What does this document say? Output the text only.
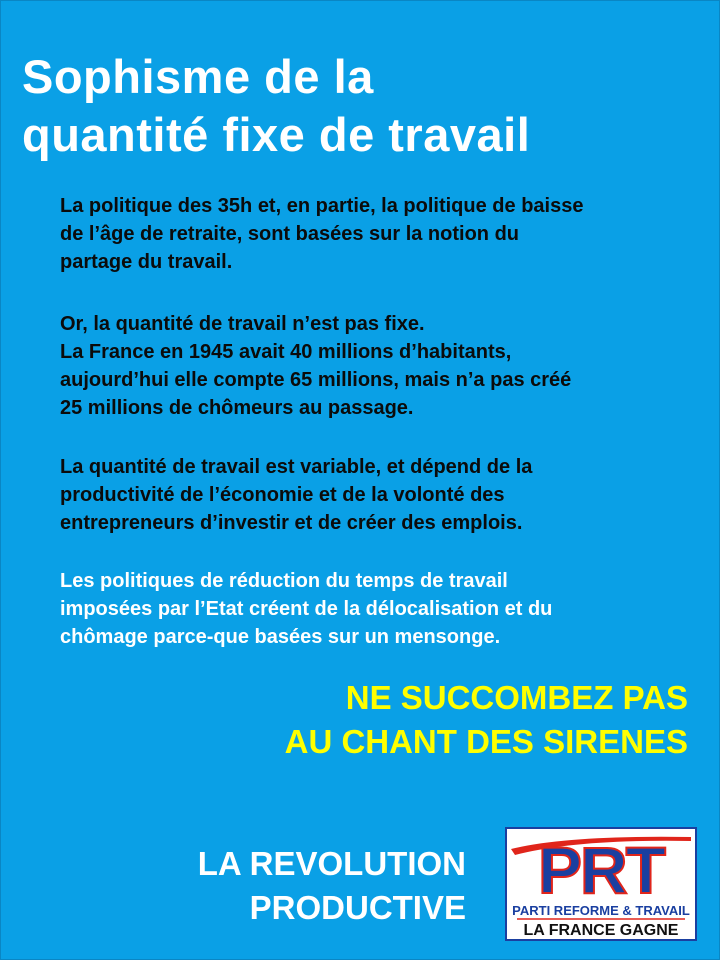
Sophisme de la
quantité fixe de travail
La politique des 35h et, en partie, la politique de baisse
de l’âge de retraite, sont basées sur la notion du
partage du travail.
Or, la quantité de travail n’est pas fixe.
La France en 1945 avait 40 millions d’habitants,
aujourd’hui elle compte 65 millions, mais n’a pas créé
25 millions de chômeurs au passage.
La quantité de travail est variable, et dépend de la
productivité de l’économie et de la volonté des
entrepreneurs d’investir et de créer des emplois.
Les politiques de réduction du temps de travail
imposées par l’Etat créent de la délocalisation et du
chômage parce-que basées sur un mensonge.
NE SUCCOMBEZ PAS
AU CHANT DES SIRENES
LA REVOLUTION
PRODUCTIVE
PRT
PARTI REFORME & TRAVAIL
LA FRANCE GAGNE
